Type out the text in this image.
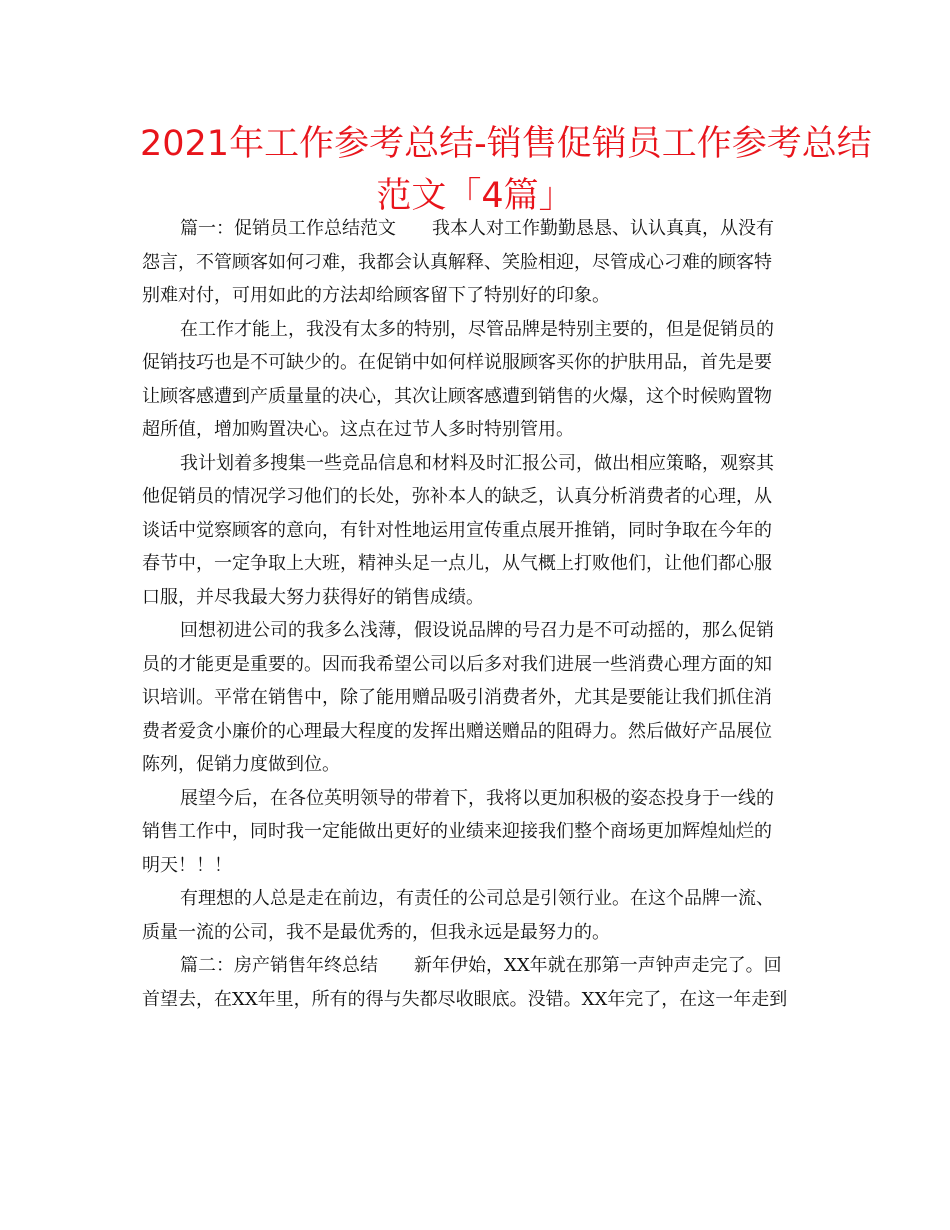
2021年工作参考总结-销售促销员工作参考总结
范文「4篇」
篇一：促销员工作总结范文　　我本人对工作勤勤恳恳、认认真真，从没有
怨言，不管顾客如何刁难，我都会认真解释、笑脸相迎，尽管成心刁难的顾客特
别难对付，可用如此的方法却给顾客留下了特别好的印象。
在工作才能上，我没有太多的特别，尽管品牌是特别主要的，但是促销员的
促销技巧也是不可缺少的。在促销中如何样说服顾客买你的护肤用品，首先是要
让顾客感遭到产质量量的决心，其次让顾客感遭到销售的火爆，这个时候购置物
超所值，增加购置决心。这点在过节人多时特别管用。
我计划着多搜集一些竞品信息和材料及时汇报公司，做出相应策略，观察其
他促销员的情况学习他们的长处，弥补本人的缺乏，认真分析消费者的心理，从
谈话中觉察顾客的意向，有针对性地运用宣传重点展开推销，同时争取在今年的
春节中，一定争取上大班，精神头足一点儿，从气概上打败他们，让他们都心服
口服，并尽我最大努力获得好的销售成绩。
回想初进公司的我多么浅薄，假设说品牌的号召力是不可动摇的，那么促销
员的才能更是重要的。因而我希望公司以后多对我们进展一些消费心理方面的知
识培训。平常在销售中，除了能用赠品吸引消费者外，尤其是要能让我们抓住消
费者爱贪小廉价的心理最大程度的发挥出赠送赠品的阻碍力。然后做好产品展位
陈列，促销力度做到位。
展望今后，在各位英明领导的带着下，我将以更加积极的姿态投身于一线的
销售工作中，同时我一定能做出更好的业绩来迎接我们整个商场更加辉煌灿烂的
明天！！！
有理想的人总是走在前边，有责任的公司总是引领行业。在这个品牌一流、
质量一流的公司，我不是最优秀的，但我永远是最努力的。
篇二：房产销售年终总结　　新年伊始，XX年就在那第一声钟声走完了。回
首望去，在XX年里，所有的得与失都尽收眼底。没错。XX年完了，在这一年走到
